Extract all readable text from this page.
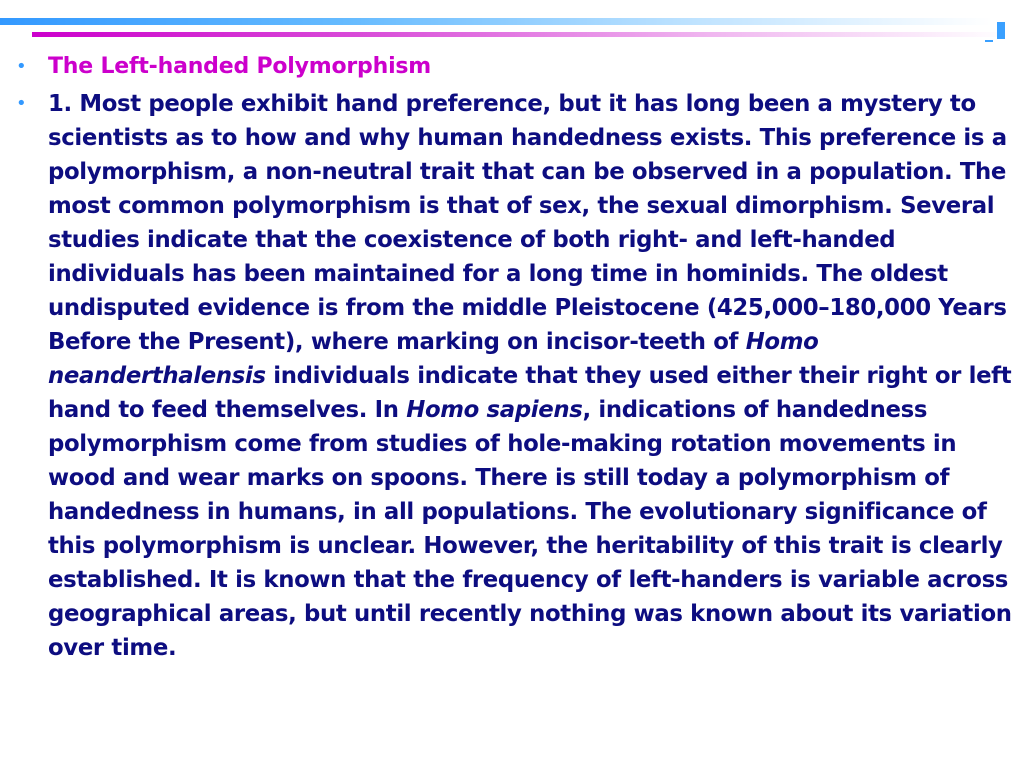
• The Left-handed Polymorphism
• 1. Most people exhibit hand preference, but it has long been a mystery to scientists as to how and why human handedness exists. This preference is a polymorphism, a non-neutral trait that can be observed in a population. The most common polymorphism is that of sex, the sexual dimorphism. Several studies indicate that the coexistence of both right- and left-handed individuals has been maintained for a long time in hominids. The oldest undisputed evidence is from the middle Pleistocene (425,000–180,000 Years Before the Present), where marking on incisor-teeth of Homo neanderthalensis individuals indicate that they used either their right or left hand to feed themselves. In Homo sapiens, indications of handedness polymorphism come from studies of hole-making rotation movements in wood and wear marks on spoons. There is still today a polymorphism of handedness in humans, in all populations. The evolutionary significance of this polymorphism is unclear. However, the heritability of this trait is clearly established. It is known that the frequency of left-handers is variable across geographical areas, but until recently nothing was known about its variation over time.
